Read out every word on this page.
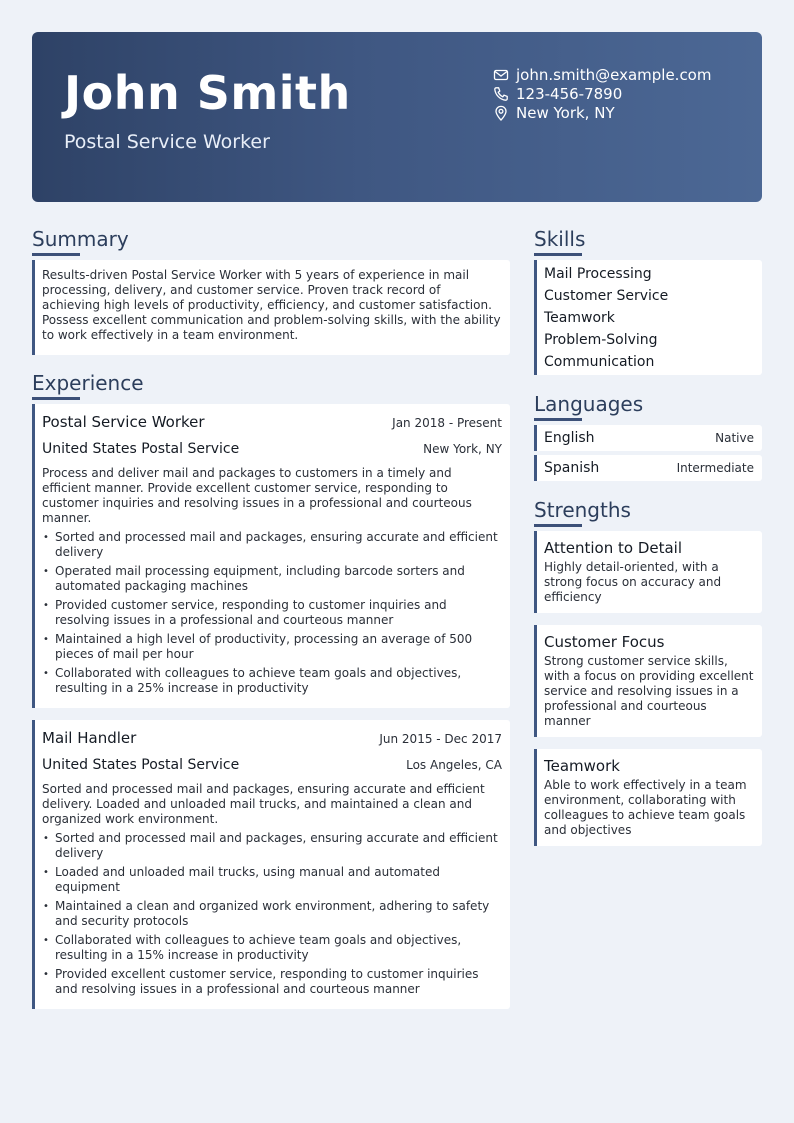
John Smith
Postal Service Worker
john.smith@example.com
123-456-7890
New York, NY
Summary
Results-driven Postal Service Worker with 5 years of experience in mail processing, delivery, and customer service. Proven track record of achieving high levels of productivity, efficiency, and customer satisfaction. Possess excellent communication and problem-solving skills, with the ability to work effectively in a team environment.
Experience
Postal Service Worker	Jan 2018 - Present
United States Postal Service	New York, NY
Process and deliver mail and packages to customers in a timely and efficient manner. Provide excellent customer service, responding to customer inquiries and resolving issues in a professional and courteous manner.
• Sorted and processed mail and packages, ensuring accurate and efficient delivery
• Operated mail processing equipment, including barcode sorters and automated packaging machines
• Provided customer service, responding to customer inquiries and resolving issues in a professional and courteous manner
• Maintained a high level of productivity, processing an average of 500 pieces of mail per hour
• Collaborated with colleagues to achieve team goals and objectives, resulting in a 25% increase in productivity
Mail Handler	Jun 2015 - Dec 2017
United States Postal Service	Los Angeles, CA
Sorted and processed mail and packages, ensuring accurate and efficient delivery. Loaded and unloaded mail trucks, and maintained a clean and organized work environment.
• Sorted and processed mail and packages, ensuring accurate and efficient delivery
• Loaded and unloaded mail trucks, using manual and automated equipment
• Maintained a clean and organized work environment, adhering to safety and security protocols
• Collaborated with colleagues to achieve team goals and objectives, resulting in a 15% increase in productivity
• Provided excellent customer service, responding to customer inquiries and resolving issues in a professional and courteous manner
Skills
Mail Processing
Customer Service
Teamwork
Problem-Solving
Communication
Languages
English	Native
Spanish	Intermediate
Strengths
Attention to Detail
Highly detail-oriented, with a strong focus on accuracy and efficiency
Customer Focus
Strong customer service skills, with a focus on providing excellent service and resolving issues in a professional and courteous manner
Teamwork
Able to work effectively in a team environment, collaborating with colleagues to achieve team goals and objectives
